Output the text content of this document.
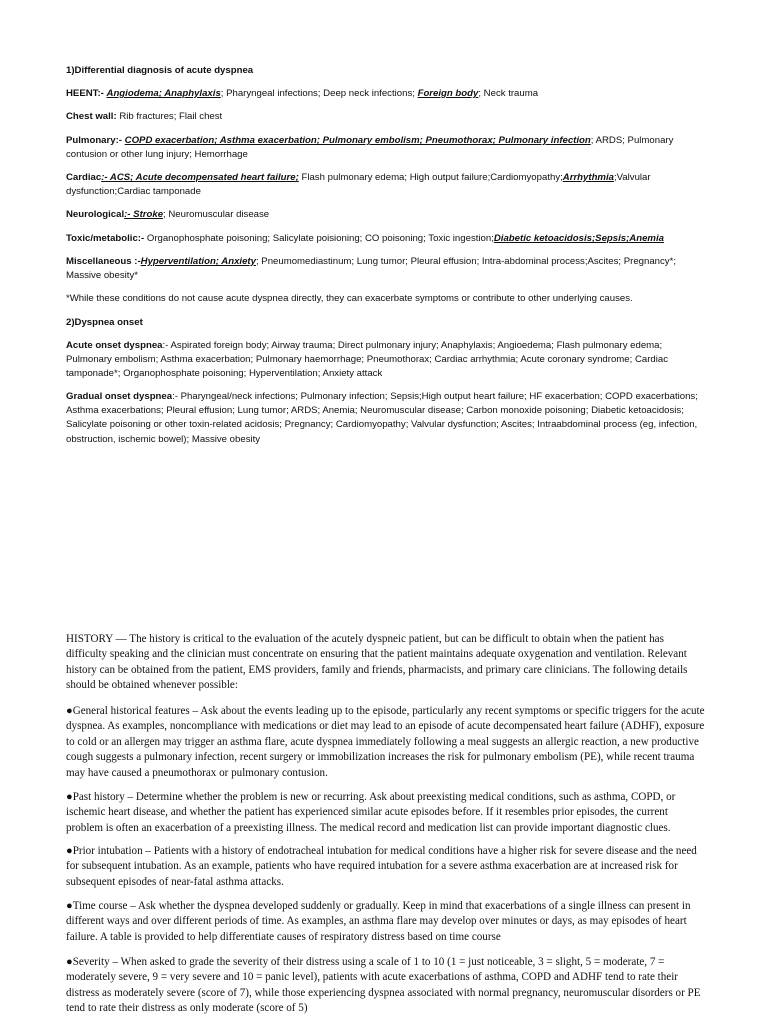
1)Differential diagnosis of acute dyspnea

HEENT:- Angiodema; Anaphylaxis; Pharyngeal infections; Deep neck infections; Foreign body; Neck trauma

Chest wall: Rib fractures; Flail chest

Pulmonary:- COPD exacerbation; Asthma exacerbation; Pulmonary embolism; Pneumothorax; Pulmonary infection; ARDS; Pulmonary contusion or other lung injury; Hemorrhage

Cardiac:- ACS; Acute decompensated heart failure; Flash pulmonary edema; High output failure;Cardiomyopathy;Arrhythmia;Valvular dysfunction;Cardiac tamponade

Neurological:- Stroke; Neuromuscular disease

Toxic/metabolic:- Organophosphate poisoning; Salicylate poisioning; CO poisoning; Toxic ingestion;Diabetic ketoacidosis;Sepsis;Anemia

Miscellaneous :-Hyperventilation; Anxiety; Pneumomediastinum; Lung tumor; Pleural effusion; Intra-abdominal process;Ascites; Pregnancy*; Massive obesity*

*While these conditions do not cause acute dyspnea directly, they can exacerbate symptoms or contribute to other underlying causes.

2)Dyspnea onset

Acute onset dyspnea:- Aspirated foreign body; Airway trauma; Direct pulmonary injury; Anaphylaxis; Angioedema; Flash pulmonary edema; Pulmonary embolism; Asthma exacerbation; Pulmonary haemorrhage; Pneumothorax; Cardiac arrhythmia; Acute coronary syndrome; Cardiac tamponade*; Organophosphate poisoning; Hyperventilation; Anxiety attack

Gradual onset dyspnea:- Pharyngeal/neck infections; Pulmonary infection; Sepsis;High output heart failure; HF exacerbation; COPD exacerbations; Asthma exacerbations; Pleural effusion; Lung tumor; ARDS; Anemia; Neuromuscular disease; Carbon monoxide poisoning; Diabetic ketoacidosis; Salicylate poisoning or other toxin-related acidosis; Pregnancy; Cardiomyopathy; Valvular dysfunction; Ascites; Intraabdominal process (eg, infection, obstruction, ischemic bowel); Massive obesity

HISTORY — The history is critical to the evaluation of the acutely dyspneic patient, but can be difficult to obtain when the patient has difficulty speaking and the clinician must concentrate on ensuring that the patient maintains adequate oxygenation and ventilation. Relevant history can be obtained from the patient, EMS providers, family and friends, pharmacists, and primary care clinicians. The following details should be obtained whenever possible:

●General historical features – Ask about the events leading up to the episode, particularly any recent symptoms or specific triggers for the acute dyspnea. As examples, noncompliance with medications or diet may lead to an episode of acute decompensated heart failure (ADHF), exposure to cold or an allergen may trigger an asthma flare, acute dyspnea immediately following a meal suggests an allergic reaction, a new productive cough suggests a pulmonary infection, recent surgery or immobilization increases the risk for pulmonary embolism (PE), while recent trauma may have caused a pneumothorax or pulmonary contusion.

●Past history – Determine whether the problem is new or recurring. Ask about preexisting medical conditions, such as asthma, COPD, or ischemic heart disease, and whether the patient has experienced similar acute episodes before. If it resembles prior episodes, the current problem is often an exacerbation of a preexisting illness. The medical record and medication list can provide important diagnostic clues.

●Prior intubation – Patients with a history of endotracheal intubation for medical conditions have a higher risk for severe disease and the need for subsequent intubation. As an example, patients who have required intubation for a severe asthma exacerbation are at increased risk for subsequent episodes of near-fatal asthma attacks.

●Time course – Ask whether the dyspnea developed suddenly or gradually. Keep in mind that exacerbations of a single illness can present in different ways and over different periods of time. As examples, an asthma flare may develop over minutes or days, as may episodes of heart failure. A table is provided to help differentiate causes of respiratory distress based on time course

●Severity – When asked to grade the severity of their distress using a scale of 1 to 10 (1 = just noticeable, 3 = slight, 5 = moderate, 7 = moderately severe, 9 = very severe and 10 = panic level), patients with acute exacerbations of asthma, COPD and ADHF tend to rate their distress as moderately severe (score of 7), while those experiencing dyspnea associated with normal pregnancy, neuromuscular disorders or PE tend to rate their distress as only moderate (score of 5)
